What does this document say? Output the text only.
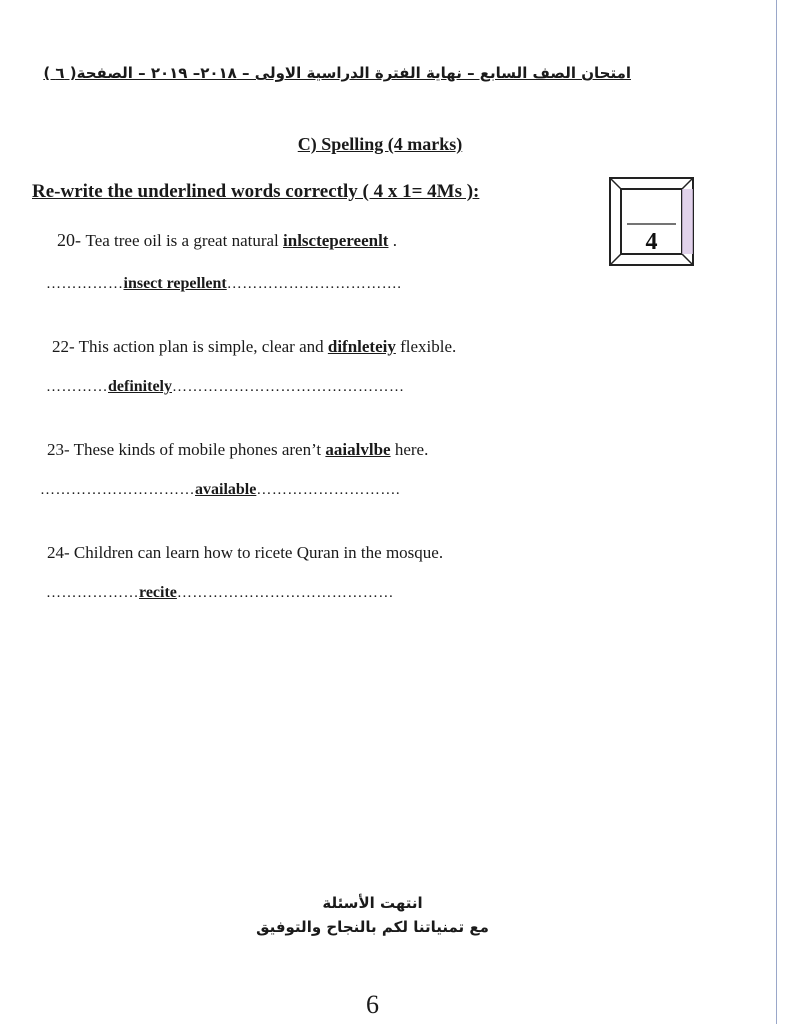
امتحان الصف السابع – نهاية الفترة الدراسية الاولى – ٢٠١٨– ٢٠١٩ – الصفحة( ٦ )
C) Spelling (4 marks)
Re-write the underlined words correctly ( 4 x 1= 4Ms ):
4
20- Tea tree oil is a great natural inlsctepereenlt .
……………insect repellent…………………………….
22- This action plan is simple, clear and difnleteiy flexible.
…………definitely………………………………………
23- These kinds of mobile phones aren’t aaialvlbe here.
…………………………available……………………….
24- Children can learn how to ricete Quran in the mosque.
………………recite……………………………………
انتهت الأسئلة
مع تمنياتنا لكم بالنجاح والتوفيق
6
